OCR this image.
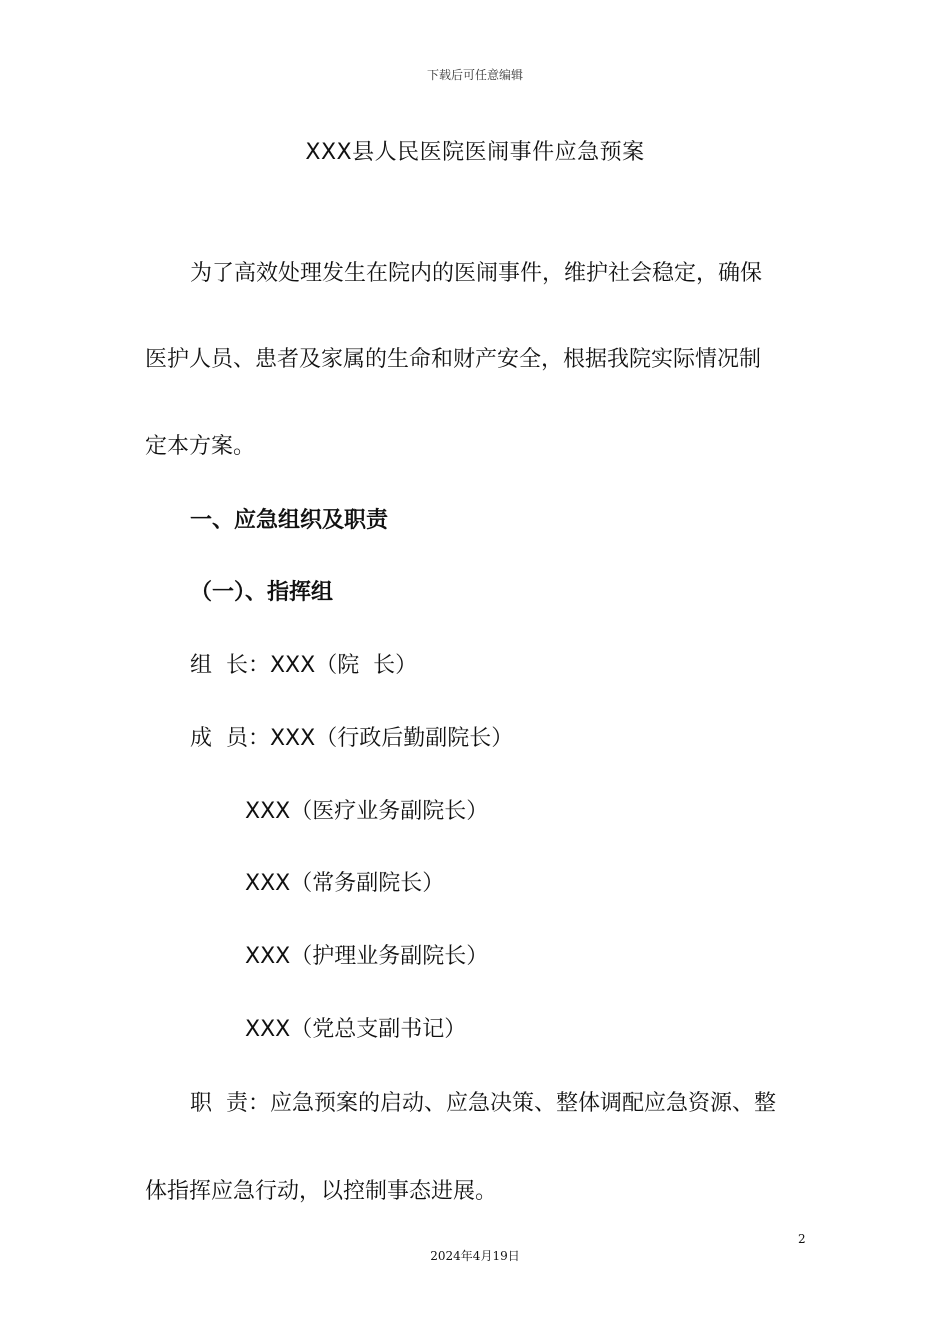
下载后可任意编辑
XXX县人民医院医闹事件应急预案

为了高效处理发生在院内的医闹事件，维护社会稳定，确保

医护人员、患者及家属的生命和财产安全，根据我院实际情况制

定本方案。

一、应急组织及职责
（一）、指挥组

组  长：XXX（院  长）

成  员：XXX（行政后勤副院长）

XXX（医疗业务副院长）

XXX（常务副院长）

XXX（护理业务副院长）

XXX（党总支副书记）

职  责：应急预案的启动、应急决策、整体调配应急资源、整

体指挥应急行动，以控制事态进展。

2
2024年4月19日
